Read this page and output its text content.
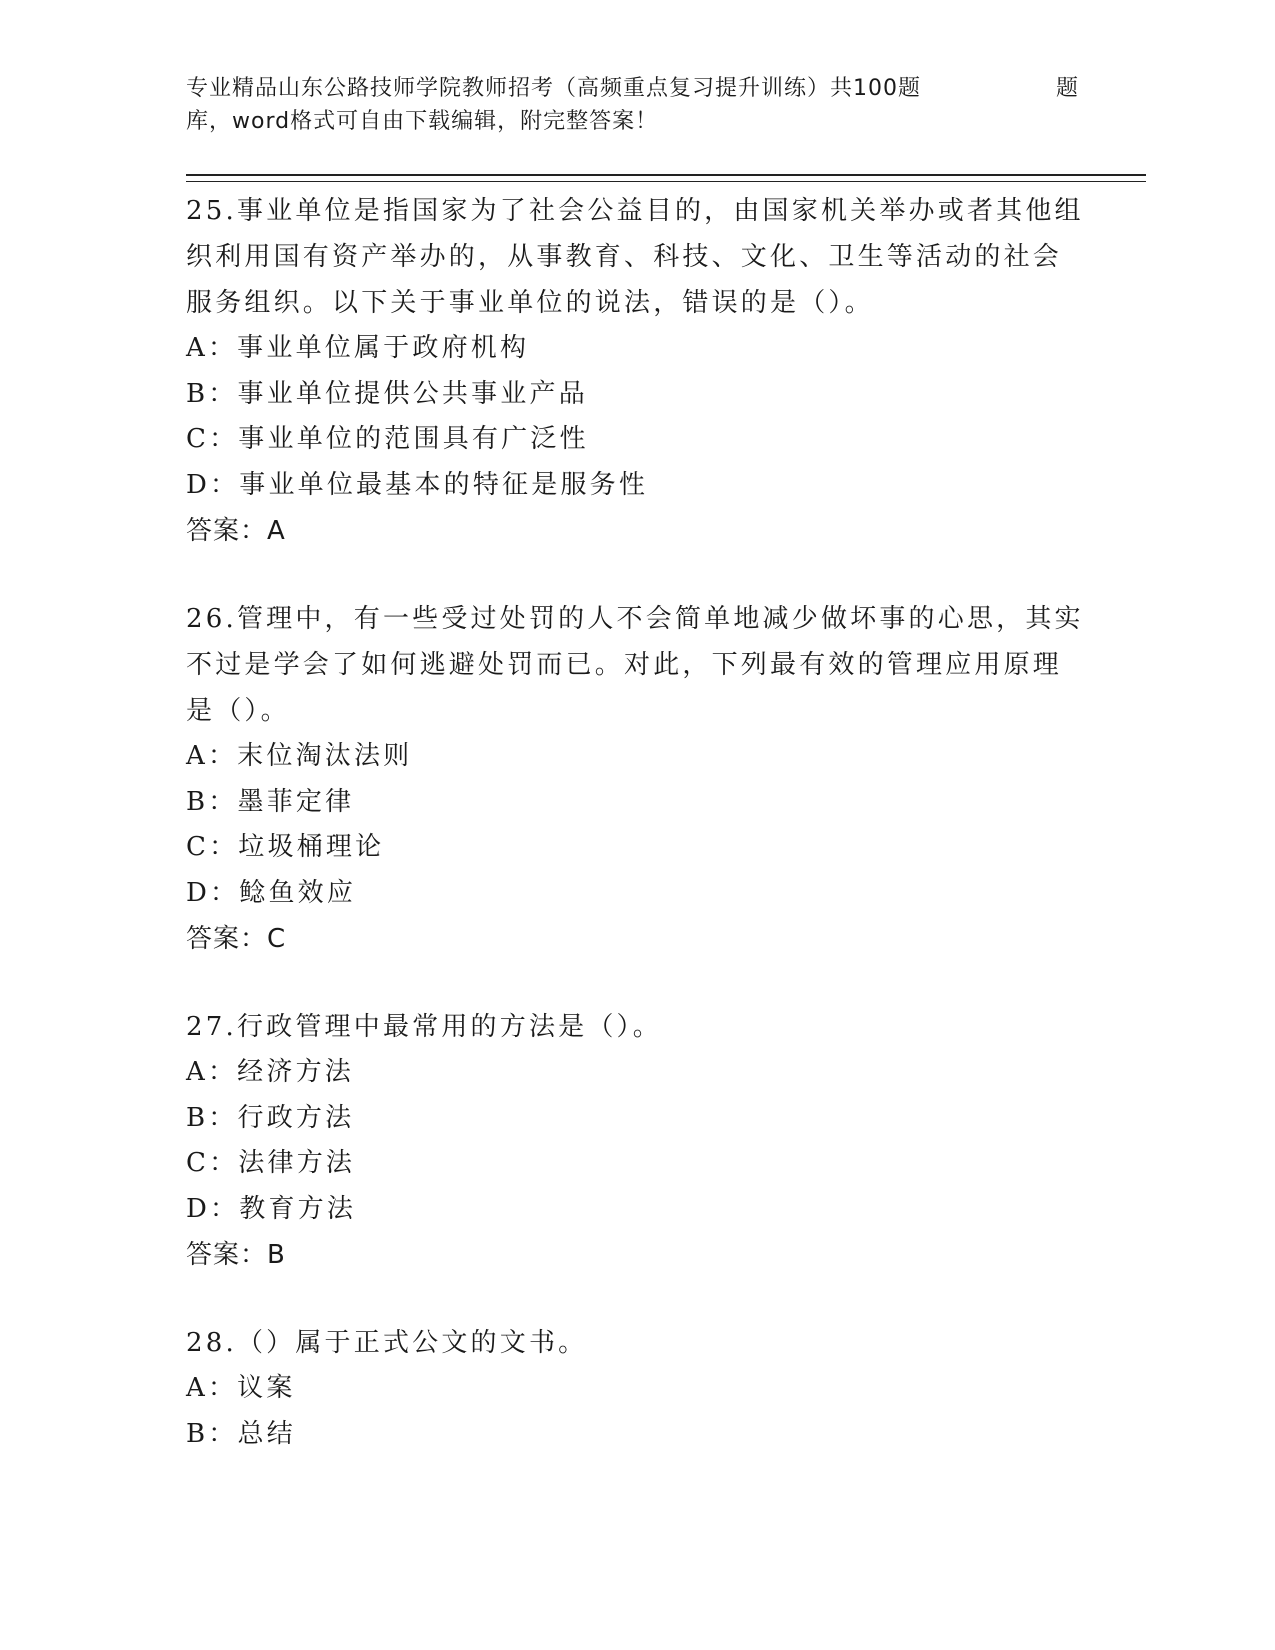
专业精品山东公路技师学院教师招考（高频重点复习提升训练）共100题	题
库，word格式可自由下载编辑，附完整答案！

25.事业单位是指国家为了社会公益目的，由国家机关举办或者其他组织利用国有资产举办的，从事教育、科技、文化、卫生等活动的社会服务组织。以下关于事业单位的说法，错误的是（）。

A：事业单位属于政府机构

B：事业单位提供公共事业产品

C：事业单位的范围具有广泛性

D：事业单位最基本的特征是服务性

答案：A

26.管理中，有一些受过处罚的人不会简单地减少做坏事的心思，其实不过是学会了如何逃避处罚而已。对此，下列最有效的管理应用原理是（）。

A：末位淘汰法则

B：墨菲定律

C：垃圾桶理论

D：鲶鱼效应

答案：C

27.行政管理中最常用的方法是（）。

A：经济方法

B：行政方法

C：法律方法

D：教育方法

答案：B

28.（）属于正式公文的文书。

A：议案

B：总结
